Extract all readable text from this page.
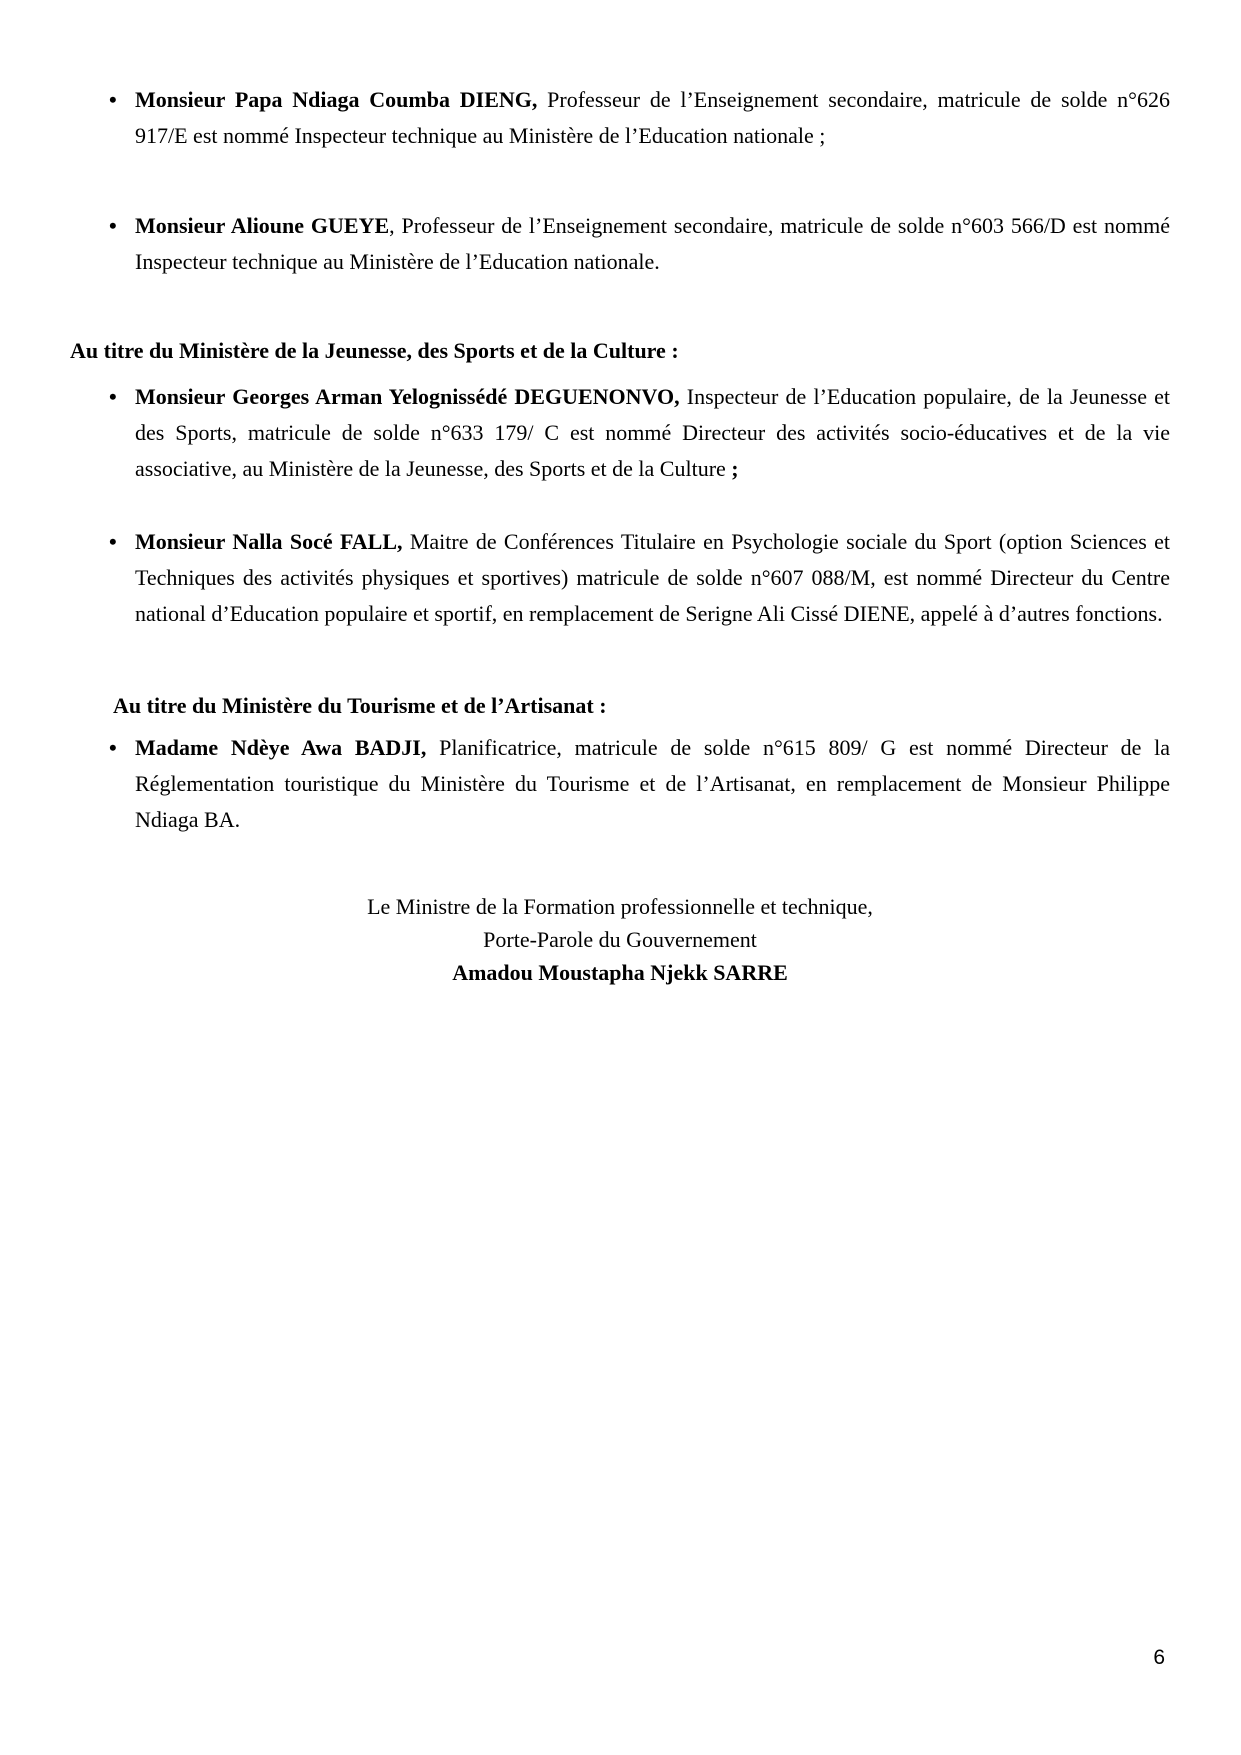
• Monsieur Papa Ndiaga Coumba DIENG, Professeur de l’Enseignement secondaire, matricule de solde n°626 917/E est nommé Inspecteur technique au Ministère de l’Education nationale ;
• Monsieur Alioune GUEYE, Professeur de l’Enseignement secondaire, matricule de solde n°603 566/D est nommé Inspecteur technique au Ministère de l’Education nationale.

Au titre du Ministère de la Jeunesse, des Sports et de la Culture :

• Monsieur Georges Arman Yelognissédé DEGUENONVO, Inspecteur de l’Education populaire, de la Jeunesse et des Sports, matricule de solde n°633 179/ C est nommé Directeur des activités socio-éducatives et de la vie associative, au Ministère de la Jeunesse, des Sports et de la Culture ;
• Monsieur Nalla Socé FALL, Maitre de Conférences Titulaire en Psychologie sociale du Sport (option Sciences et Techniques des activités physiques et sportives) matricule de solde n°607 088/M, est nommé Directeur du Centre national d’Education populaire et sportif, en remplacement de Serigne Ali Cissé DIENE, appelé à d’autres fonctions.

Au titre du Ministère du Tourisme et de l’Artisanat :

• Madame Ndèye Awa BADJI, Planificatrice, matricule de solde n°615 809/ G est nommé Directeur de la Réglementation touristique du Ministère du Tourisme et de l’Artisanat, en remplacement de Monsieur Philippe Ndiaga BA.
Le Ministre de la Formation professionnelle et technique,
Porte-Parole du Gouvernement
Amadou Moustapha Njekk SARRE
6
